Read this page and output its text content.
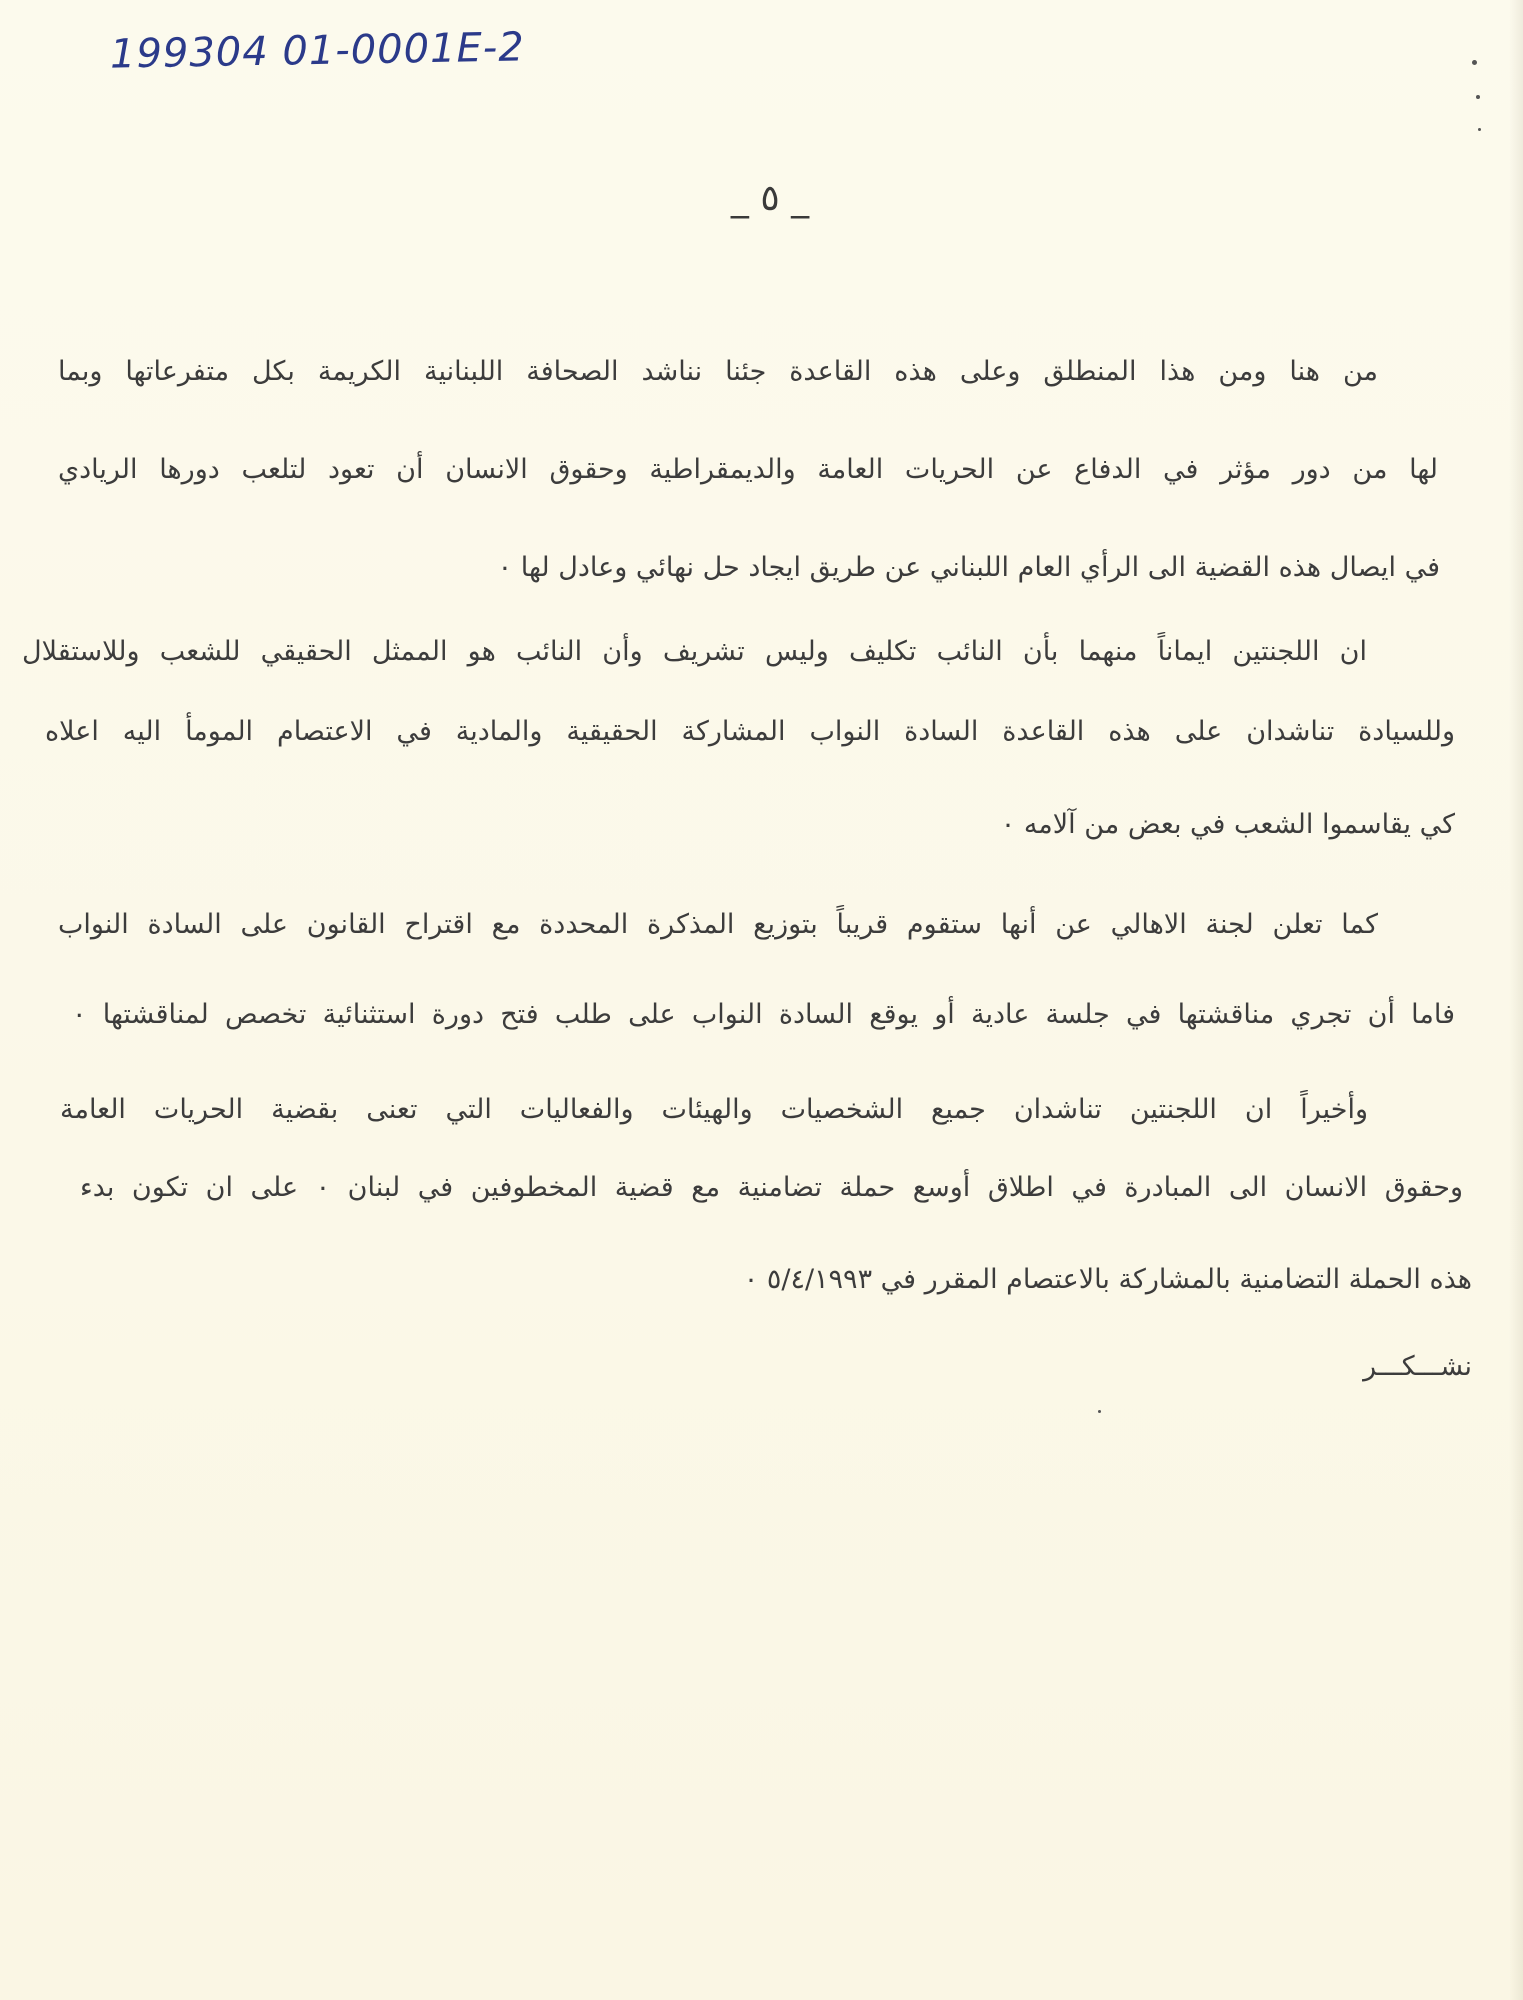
199304 01-0001E-2
_ ٥ _
من هنا ومن هذا المنطلق وعلى هذه القاعدة جئنا نناشد الصحافة اللبنانية الكريمة بكل متفرعاتها وبما
لها من دور مؤثر في الدفاع عن الحريات العامة والديمقراطية وحقوق الانسان أن تعود لتلعب دورها الريادي
في ايصال هذه القضية الى الرأي العام اللبناني عن طريق ايجاد حل نهائي وعادل لها ٠
ان اللجنتين ايماناً منهما بأن النائب تكليف وليس تشريف وأن النائب هو الممثل الحقيقي للشعب وللاستقلال
وللسيادة تناشدان على هذه القاعدة السادة النواب المشاركة الحقيقية والمادية في الاعتصام المومأ اليه اعلاه
كي يقاسموا الشعب في بعض من آلامه ٠
كما تعلن لجنة الاهالي عن أنها ستقوم قريباً بتوزيع المذكرة المحددة مع اقتراح القانون على السادة النواب
فاما أن تجري مناقشتها في جلسة عادية أو يوقع السادة النواب على طلب فتح دورة استثنائية تخصص لمناقشتها ٠
وأخيراً ان اللجنتين تناشدان جميع الشخصيات والهيئات والفعاليات التي تعنى بقضية الحريات العامة
وحقوق الانسان الى المبادرة في اطلاق أوسع حملة تضامنية مع قضية المخطوفين في لبنان ٠ على ان تكون بدء
هذه الحملة التضامنية بالمشاركة بالاعتصام المقرر في ٥/٤/١٩٩٣ ٠
نشـــكـــر
